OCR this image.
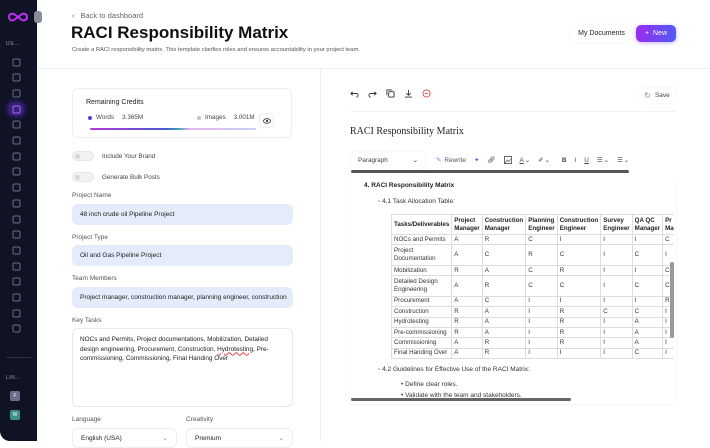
US...
LIN...
F
W
‹ Back to dashboard
RACI Responsibility Matrix
Create a RACI responsibility matrix. This template clarifies roles and ensures accountability in your project team.
My Documents	+ New
Remaining Credits
Words 3.365M	Images 3.001M
Include Your Brand
Generate Bulk Posts
Project Name
48 inch crude oil Pipeline Project
Project Type
Oil and Gas Pipeline Project
Team Members
Project manager, construction manager, planning engineer, construction
Key Tasks
NOCs and Permits, Project documentations, Mobilization, Detailed design engineering, Procurement, Construction, Hydrotesting, Pre-commissioning, Commissioning, Final Handing Over
Language	Creativity
English (USA)	⌄	Premium	⌄
↻ Save
RACI Responsibility Matrix
Paragraph	⌄	✎ Rewrite ✦ 🔗︎	A ⌄ ✐ ⌄ B I U ☰ ⌄ ☰ ⌄
4. RACI Responsibility Matrix
◦ 4.1 Task Allocation Table:
Tasks/Deliverables	Project Manager	Construction Manager	Planning Engineer	Construction Engineer	Survey Engineer	QA QC Manager	Pr Ma
NOCs and Permits	A	R	C	I	I	I	C
Project Documentation	A	C	R	C	I	C	I
Mobilization	R	A	C	R	I	I	C
Detailed Design Engineering	A	R	C	C	I	C	C
Procurement	A	C	I	I	I	I	R
Construction	R	A	I	R	C	C	I
Hydrotesting	R	A	I	R	I	A	I
Pre-commissioning	R	A	I	R	I	A	I
Commissioning	A	R	I	R	I	A	I
Final Handing Over	A	R	I	I	I	C	I
◦ 4.2 Guidelines for Effective Use of the RACI Matrix:
• Define clear roles.
• Validate with the team and stakeholders.
